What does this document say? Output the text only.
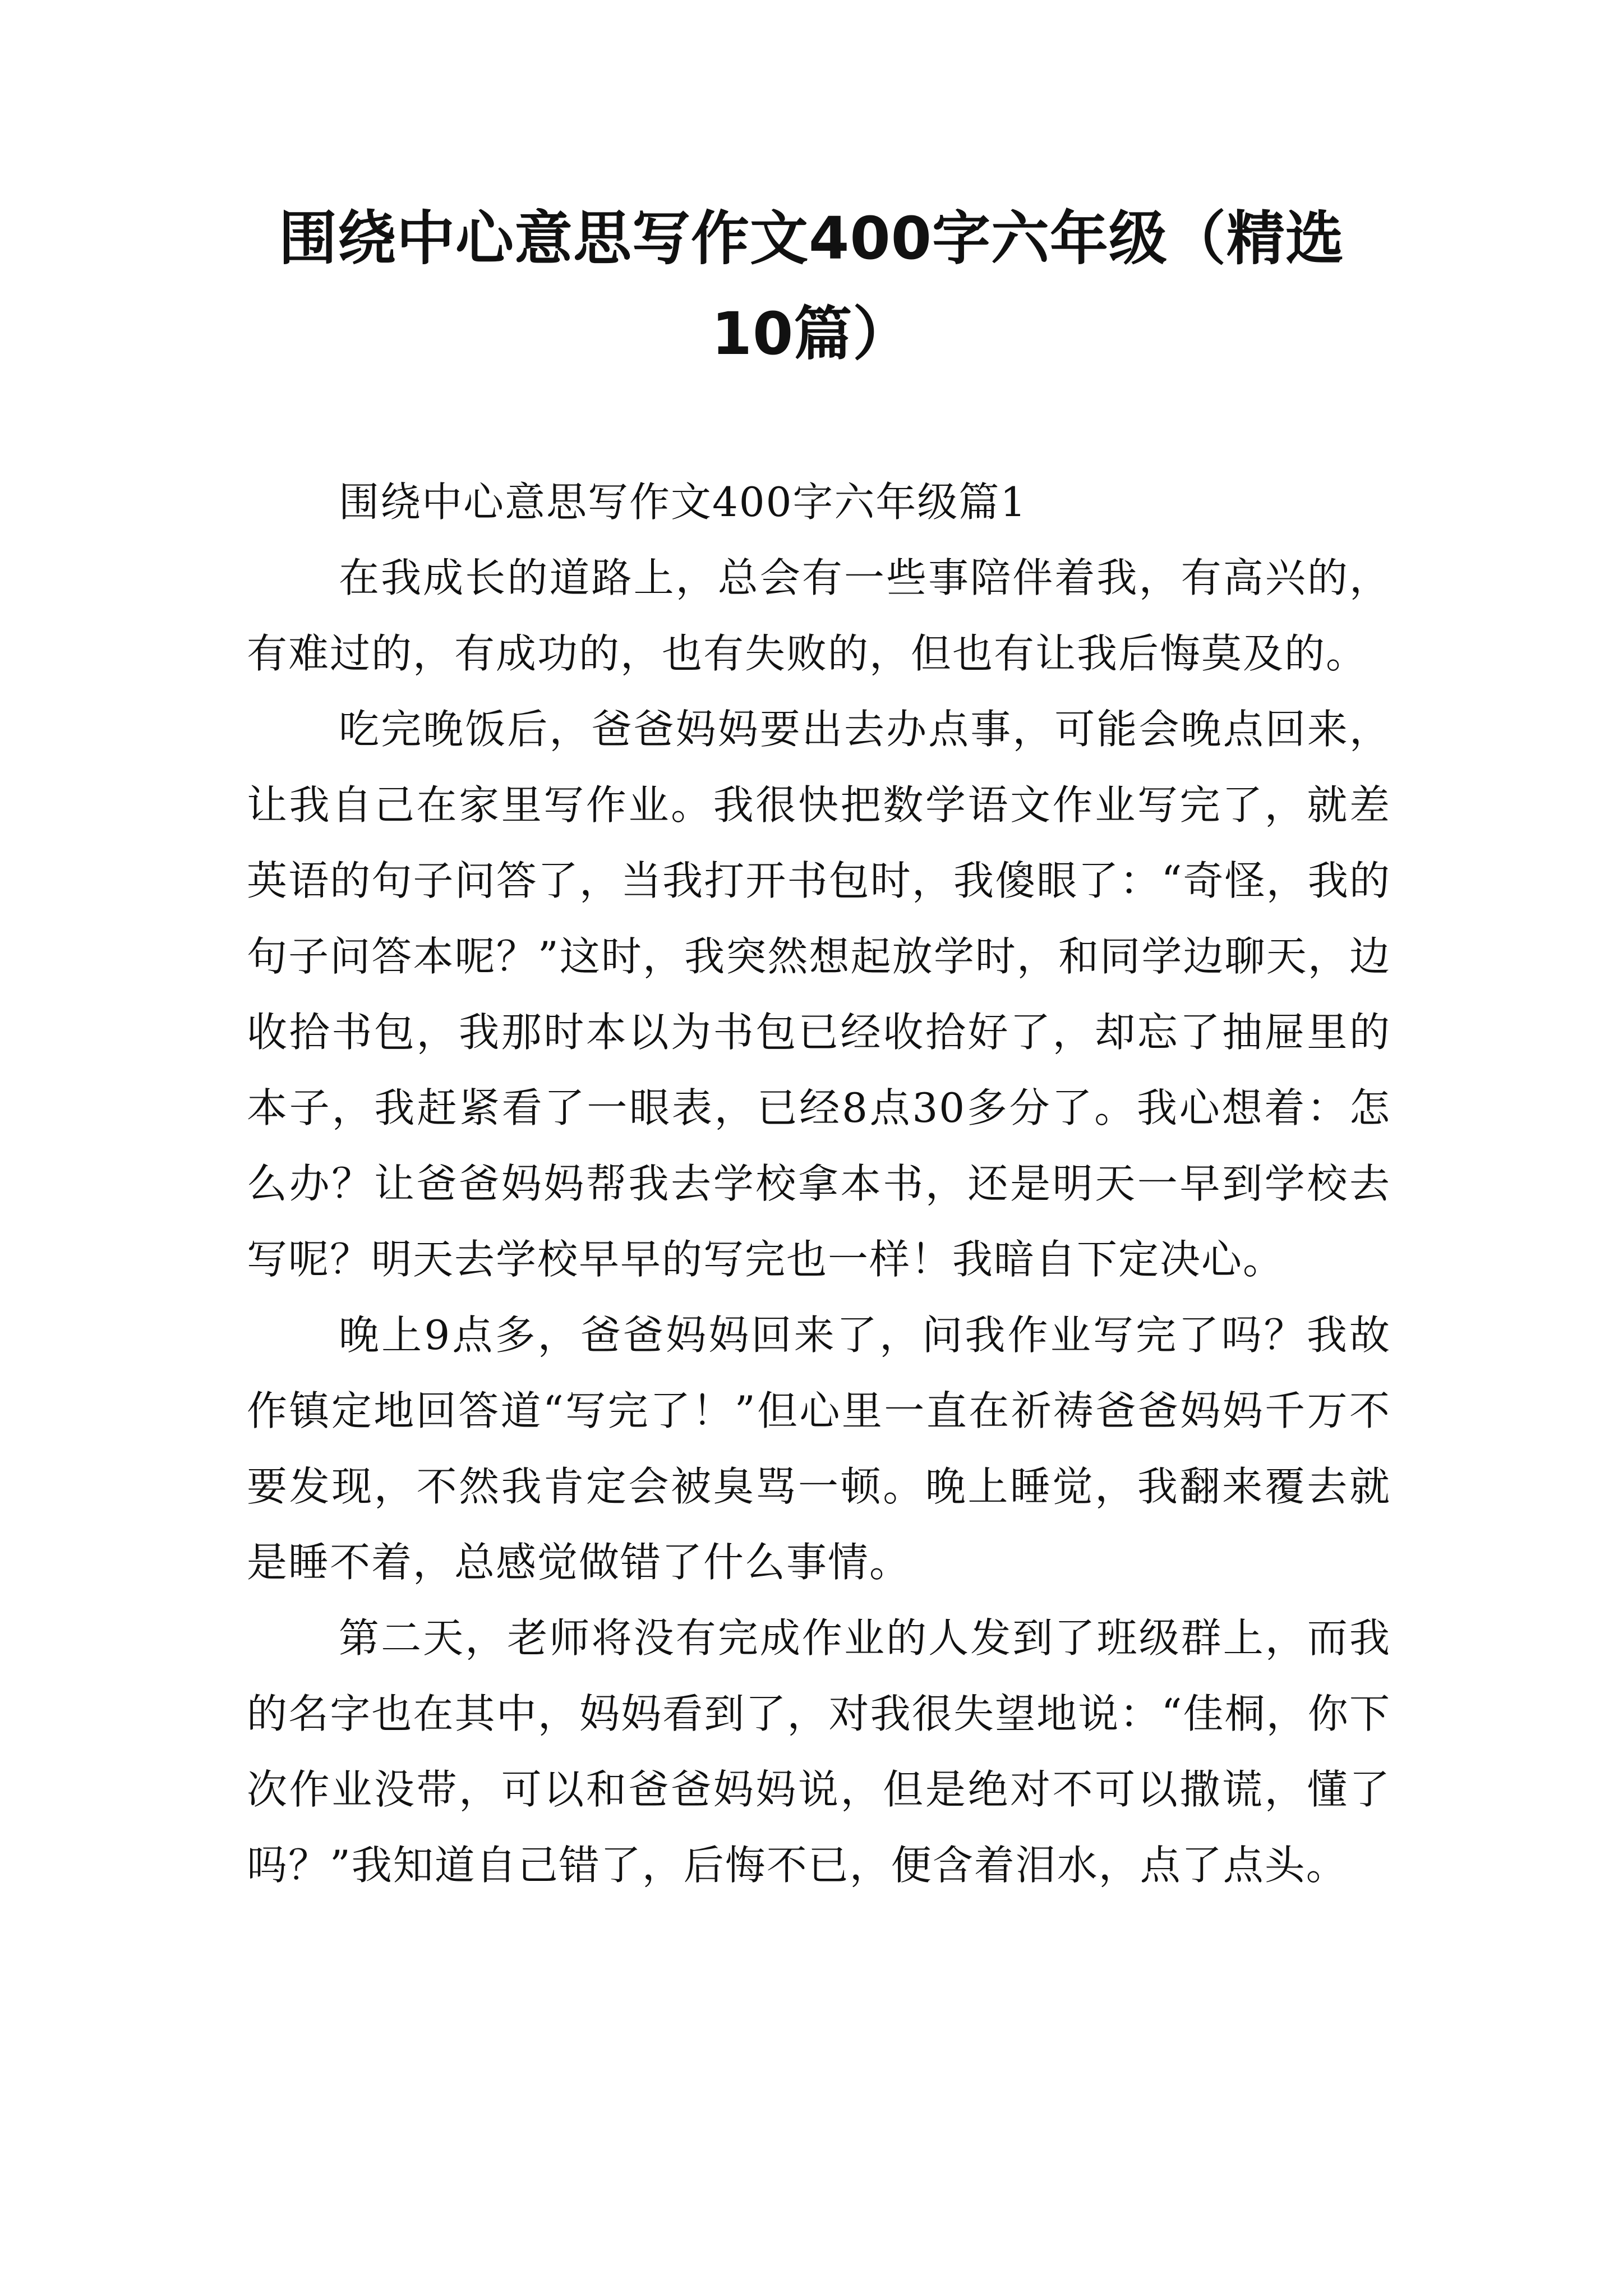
围绕中心意思写作文400字六年级（精选10篇）

围绕中心意思写作文400字六年级篇1

在我成长的道路上，总会有一些事陪伴着我，有高兴的，有难过的，有成功的，也有失败的，但也有让我后悔莫及的。

吃完晚饭后，爸爸妈妈要出去办点事，可能会晚点回来，让我自己在家里写作业。我很快把数学语文作业写完了，就差英语的句子问答了，当我打开书包时，我傻眼了：“奇怪，我的句子问答本呢？”这时，我突然想起放学时，和同学边聊天，边收拾书包，我那时本以为书包已经收拾好了，却忘了抽屉里的本子，我赶紧看了一眼表，已经8点30多分了。我心想着：怎么办？让爸爸妈妈帮我去学校拿本书，还是明天一早到学校去写呢？明天去学校早早的写完也一样！我暗自下定决心。

晚上9点多，爸爸妈妈回来了，问我作业写完了吗？我故作镇定地回答道“写完了！”但心里一直在祈祷爸爸妈妈千万不要发现，不然我肯定会被臭骂一顿。晚上睡觉，我翻来覆去就是睡不着，总感觉做错了什么事情。

第二天，老师将没有完成作业的人发到了班级群上，而我的名字也在其中，妈妈看到了，对我很失望地说：“佳桐，你下次作业没带，可以和爸爸妈妈说，但是绝对不可以撒谎，懂了吗？”我知道自己错了，后悔不已，便含着泪水，点了点头。
